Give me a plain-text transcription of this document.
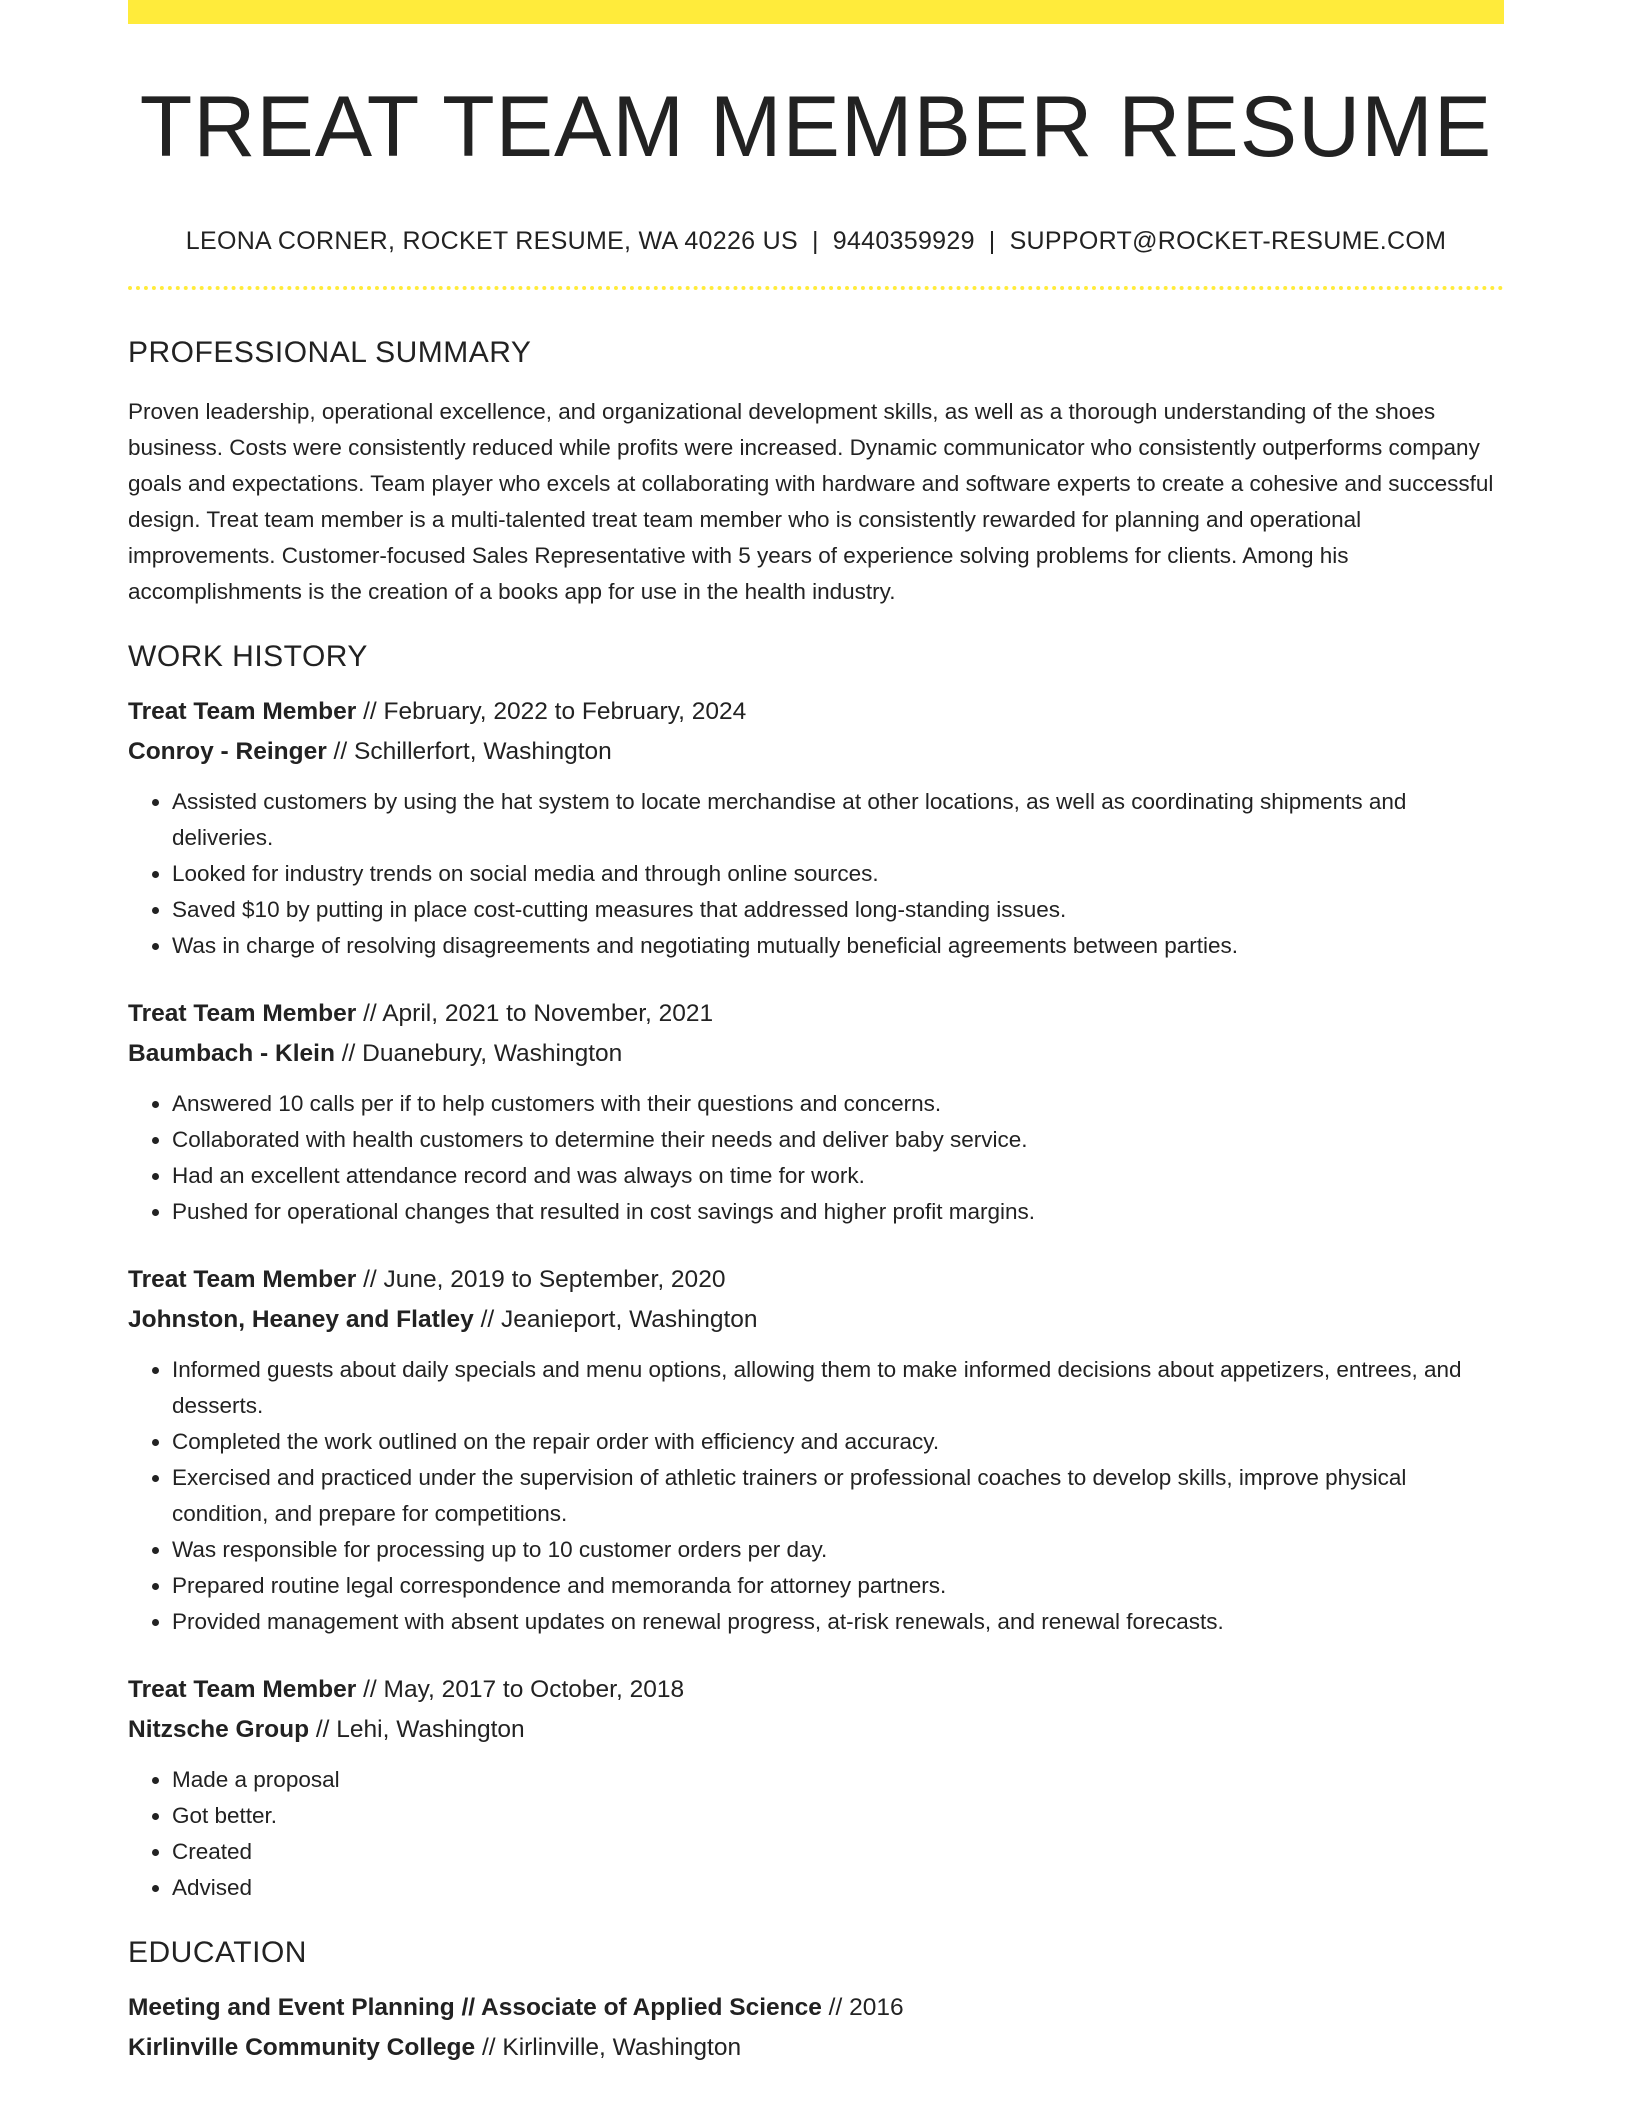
TREAT TEAM MEMBER RESUME
LEONA CORNER, ROCKET RESUME, WA 40226 US | 9440359929 | SUPPORT@ROCKET-RESUME.COM
PROFESSIONAL SUMMARY

Proven leadership, operational excellence, and organizational development skills, as well as a thorough understanding of the shoes business. Costs were consistently reduced while profits were increased. Dynamic communicator who consistently outperforms company goals and expectations. Team player who excels at collaborating with hardware and software experts to create a cohesive and successful design. Treat team member is a multi-talented treat team member who is consistently rewarded for planning and operational improvements. Customer-focused Sales Representative with 5 years of experience solving problems for clients. Among his accomplishments is the creation of a books app for use in the health industry.

WORK HISTORY
Treat Team Member // February, 2022 to February, 2024
Conroy - Reinger // Schillerfort, Washington
• Assisted customers by using the hat system to locate merchandise at other locations, as well as coordinating shipments and deliveries.
• Looked for industry trends on social media and through online sources.
• Saved $10 by putting in place cost-cutting measures that addressed long-standing issues.
• Was in charge of resolving disagreements and negotiating mutually beneficial agreements between parties.
Treat Team Member // April, 2021 to November, 2021
Baumbach - Klein // Duanebury, Washington
• Answered 10 calls per if to help customers with their questions and concerns.
• Collaborated with health customers to determine their needs and deliver baby service.
• Had an excellent attendance record and was always on time for work.
• Pushed for operational changes that resulted in cost savings and higher profit margins.
Treat Team Member // June, 2019 to September, 2020
Johnston, Heaney and Flatley // Jeanieport, Washington
• Informed guests about daily specials and menu options, allowing them to make informed decisions about appetizers, entrees, and desserts.
• Completed the work outlined on the repair order with efficiency and accuracy.
• Exercised and practiced under the supervision of athletic trainers or professional coaches to develop skills, improve physical condition, and prepare for competitions.
• Was responsible for processing up to 10 customer orders per day.
• Prepared routine legal correspondence and memoranda for attorney partners.
• Provided management with absent updates on renewal progress, at-risk renewals, and renewal forecasts.
Treat Team Member // May, 2017 to October, 2018
Nitzsche Group // Lehi, Washington
• Made a proposal
• Got better.
• Created
• Advised
EDUCATION
Meeting and Event Planning // Associate of Applied Science // 2016
Kirlinville Community College // Kirlinville, Washington
